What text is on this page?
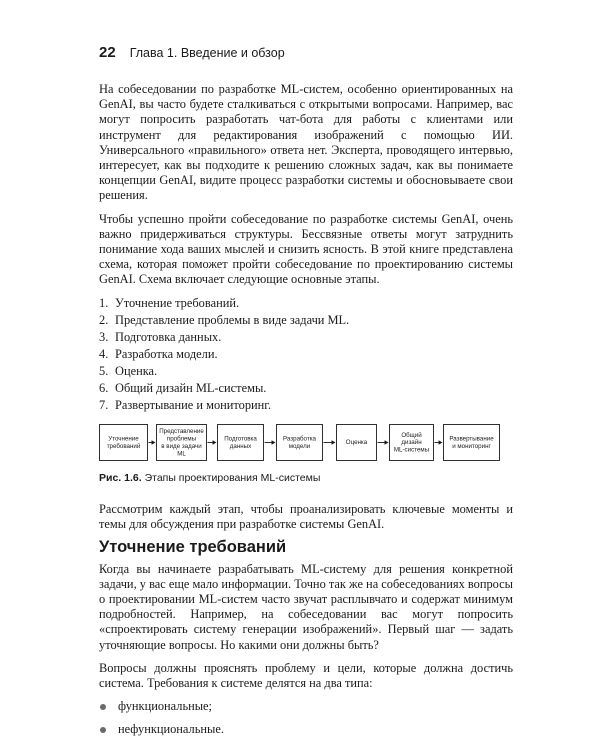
22 Глава 1. Введение и обзор

На собеседовании по разработке ML-систем, особенно ориентированных на GenAI, вы часто будете сталкиваться с открытыми вопросами. Например, вас могут попросить разработать чат-бота для работы с клиентами или инструмент для редактирования изображений с помощью ИИ. Универсального «правильного» ответа нет. Эксперта, проводящего интервью, интересует, как вы подходите к решению сложных задач, как вы понимаете концепции GenAI, видите процесс разработки системы и обосновываете свои решения.

Чтобы успешно пройти собеседование по разработке системы GenAI, очень важно придерживаться структуры. Бессвязные ответы могут затруднить понимание хода ваших мыслей и снизить ясность. В этой книге представлена схема, которая поможет пройти собеседование по проектированию системы GenAI. Схема включает следующие основные этапы.

1. Уточнение требований.
2. Представление проблемы в виде задачи ML.
3. Подготовка данных.
4. Разработка модели.
5. Оценка.
6. Общий дизайн ML-системы.
7. Развертывание и мониторинг.
Уточнение
требований
Представление
проблемы
в виде задачи
ML
Подготовка
данных
Разработка
модели
Оценка
Общий
дизайн
ML-системы
Развертывание
и мониторинг
Рис. 1.6. Этапы проектирования ML-системы

Рассмотрим каждый этап, чтобы проанализировать ключевые моменты и темы для обсуждения при разработке системы GenAI.

Уточнение требований

Когда вы начинаете разрабатывать ML-систему для решения конкретной задачи, у вас еще мало информации. Точно так же на собеседованиях вопросы о проектировании ML-систем часто звучат расплывчато и содержат минимум подробностей. Например, на собеседовании вас могут попросить «спроектировать систему генерации изображений». Первый шаг — задать уточняющие вопросы. Но какими они должны быть?

Вопросы должны прояснять проблему и цели, которые должна достичь система. Требования к системе делятся на два типа:

функциональные;
нефункциональные.
